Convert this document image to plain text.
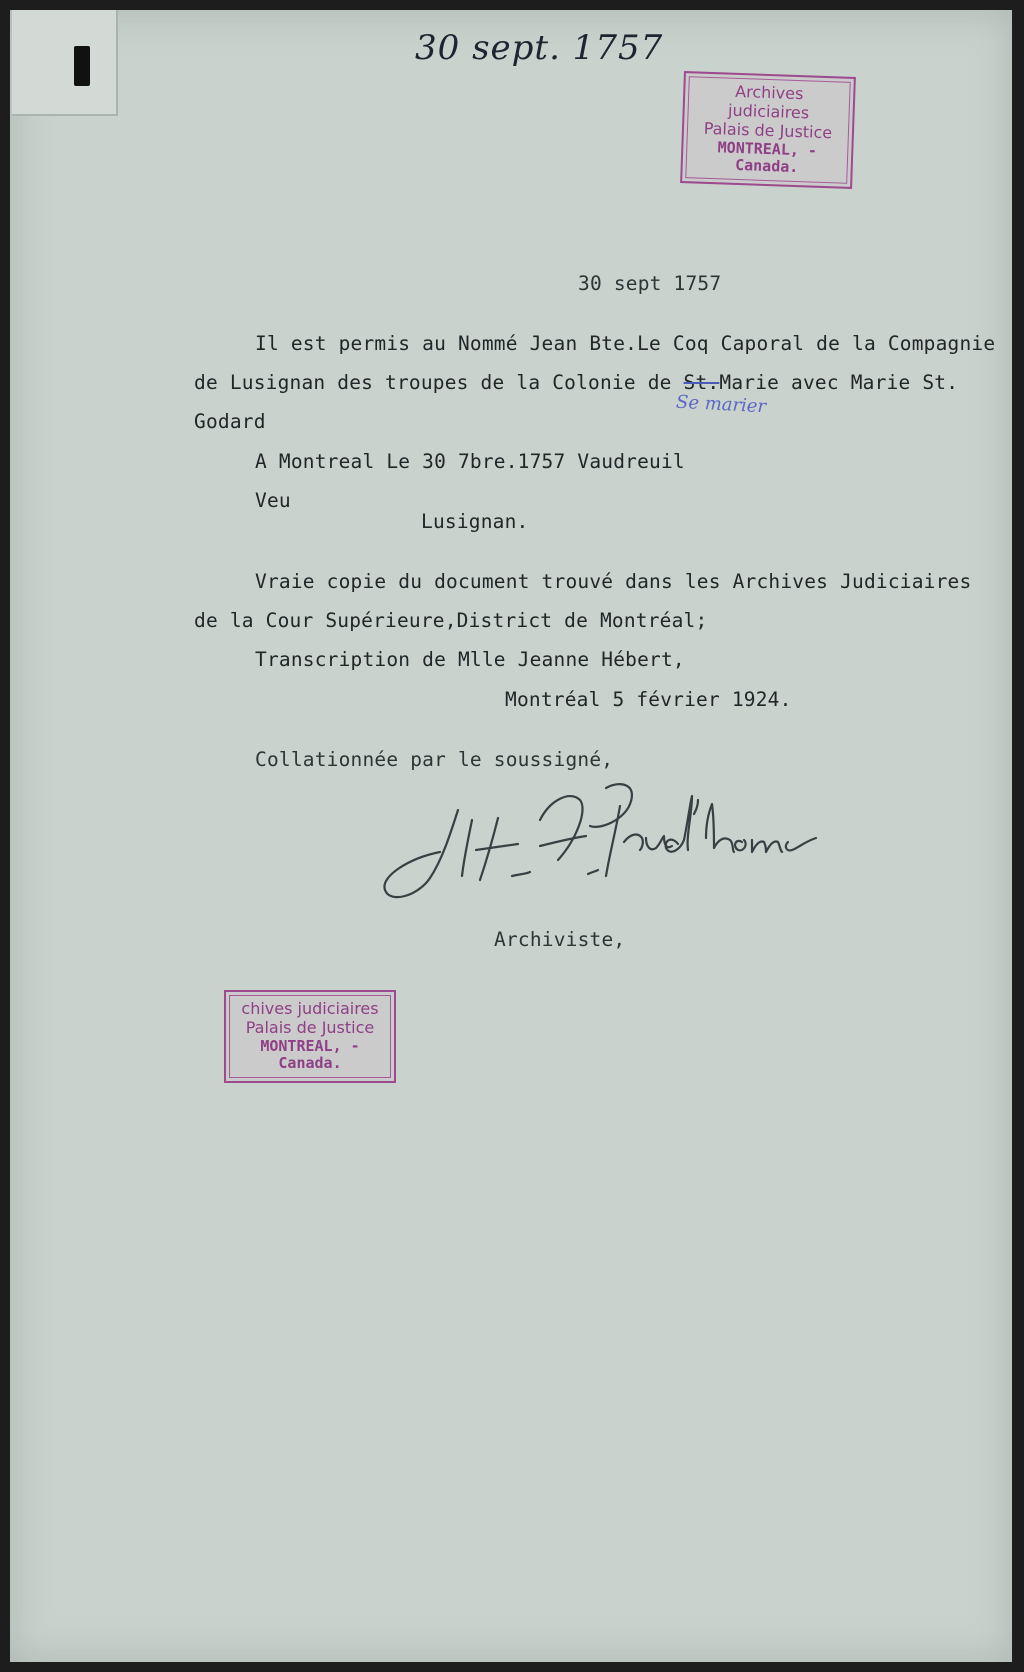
30 sept. 1757
Archives judiciaires
Palais de Justice
MONTREAL, - Canada.
30 sept 1757
Il est permis au Nommé Jean Bte.Le Coq Caporal de la Compagnie
de Lusignan des troupes de la Colonie de St.Marie avec Marie St.
Se marier
Godard
A Montreal Le 30 7bre.1757 Vaudreuil
Veu
Lusignan.
Vraie copie du document trouvé dans les Archives Judiciaires
de la Cour Supérieure,District de Montréal;
Transcription de Mlle Jeanne Hébert,
Montréal 5 février 1924.
Collationnée par le soussigné,
Archiviste,
chives judiciaires
Palais de Justice
MONTREAL, - Canada.
